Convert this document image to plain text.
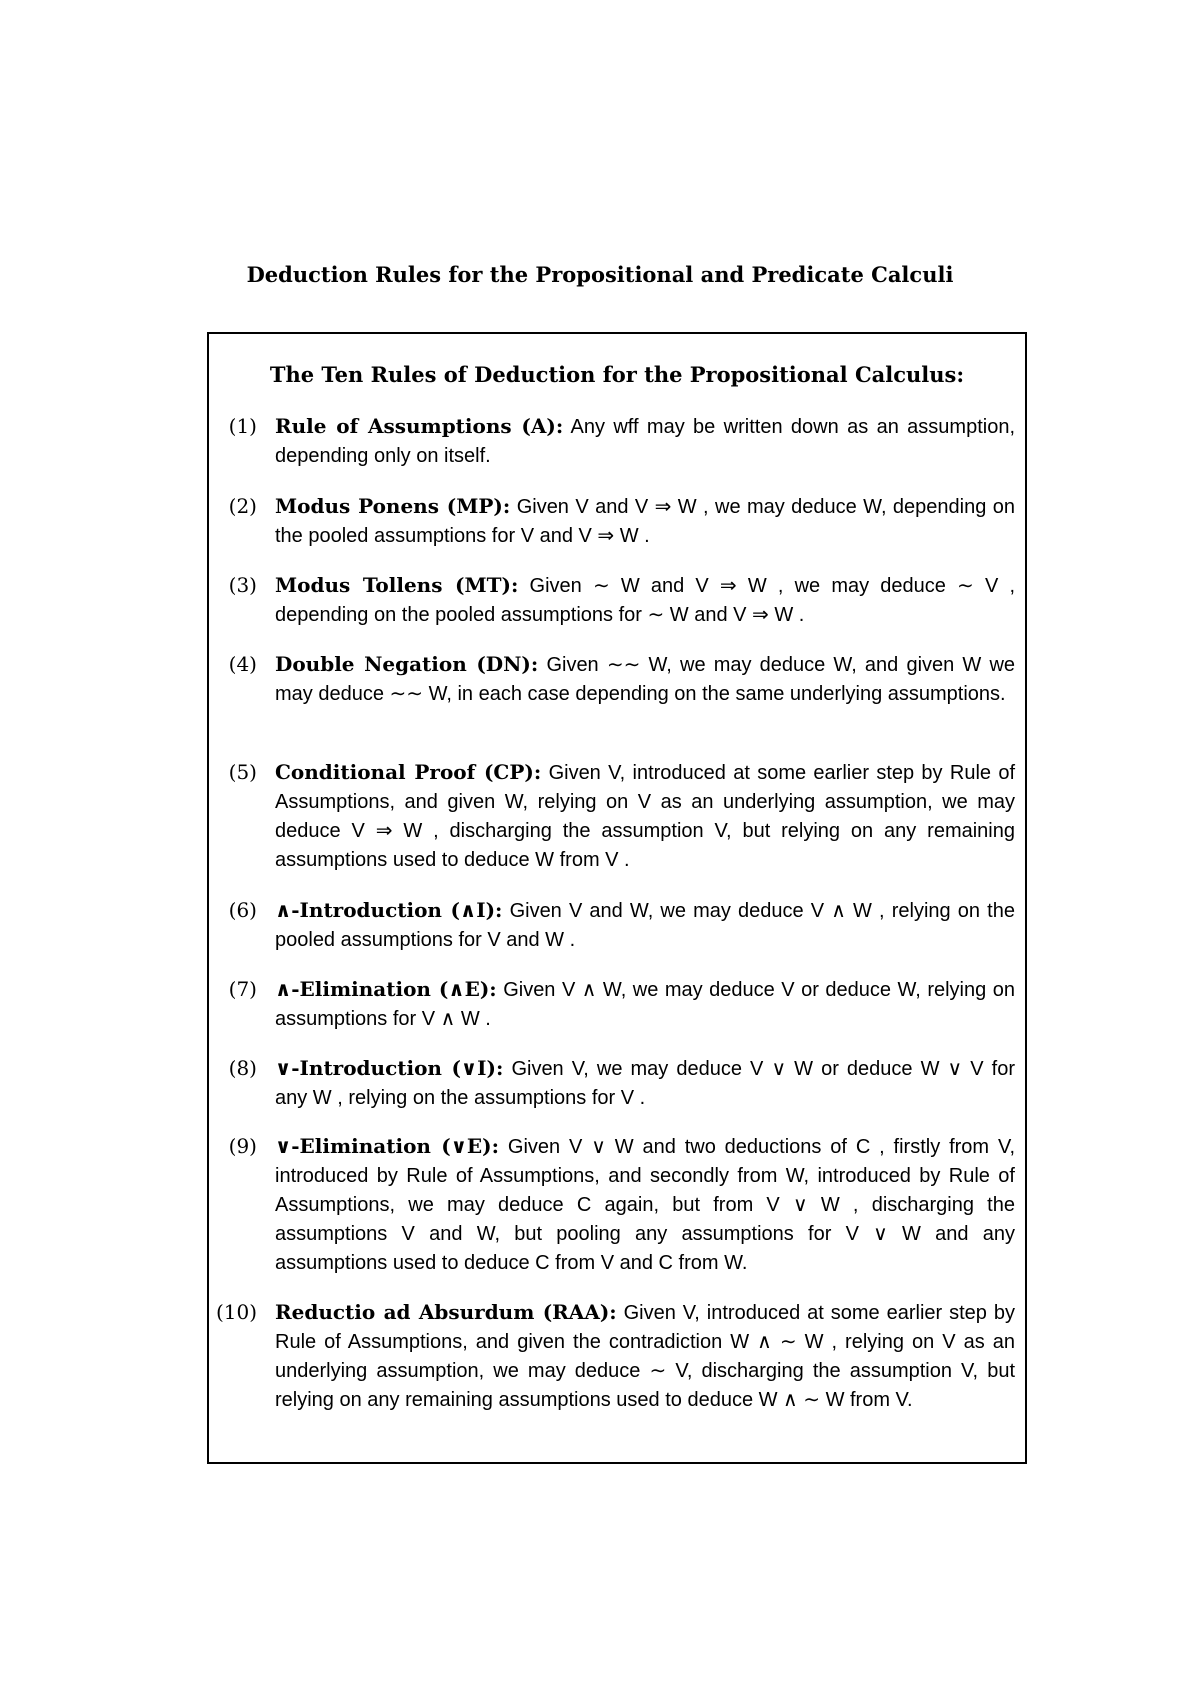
Deduction Rules for the Propositional and Predicate Calculi
The Ten Rules of Deduction for the Propositional Calculus:
(1) Rule of Assumptions (A): Any wff may be written down as an assumption, depending only on itself.
(2) Modus Ponens (MP): Given V and V ⇒ W , we may deduce W, depending on the pooled assumptions for V and V ⇒ W .
(3) Modus Tollens (MT): Given ∼ W and V ⇒ W , we may deduce ∼ V , depending on the pooled assumptions for ∼ W and V ⇒ W .
(4) Double Negation (DN): Given ∼∼ W, we may deduce W, and given W we may deduce ∼∼ W, in each case depending on the same underlying assumptions.
(5) Conditional Proof (CP): Given V, introduced at some earlier step by Rule of Assumptions, and given W, relying on V as an underlying assumption, we may deduce V ⇒ W , discharging the assumption V, but relying on any remaining assumptions used to deduce W from V .
(6) ∧-Introduction (∧I): Given V and W, we may deduce V ∧ W , relying on the pooled assumptions for V and W .
(7) ∧-Elimination (∧E): Given V ∧ W, we may deduce V or deduce W, relying on assumptions for V ∧ W .
(8) ∨-Introduction (∨I): Given V, we may deduce V ∨ W or deduce W ∨ V for any W , relying on the assumptions for V .
(9) ∨-Elimination (∨E): Given V ∨ W and two deductions of C , firstly from V, introduced by Rule of Assumptions, and secondly from W, introduced by Rule of Assumptions, we may deduce C again, but from V ∨ W , discharging the assumptions V and W, but pooling any assumptions for V ∨ W and any assumptions used to deduce C from V and C from W.
(10) Reductio ad Absurdum (RAA): Given V, introduced at some earlier step by Rule of Assumptions, and given the contradiction W ∧ ∼ W , relying on V as an underlying assumption, we may deduce ∼ V, discharging the assumption V, but relying on any remaining assumptions used to deduce W ∧ ∼ W from V.
